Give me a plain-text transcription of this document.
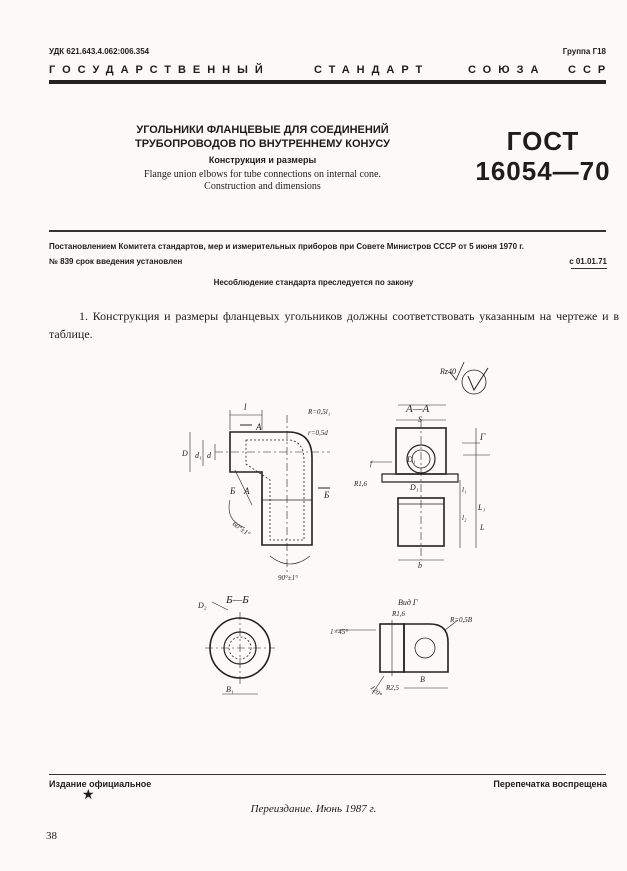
УДК 621.643.4.062:006.354	Группа Г18
ГОСУДАРСТВЕННЫЙ	СТАНДАРТ	СОЮЗА ССР
УГОЛЬНИКИ ФЛАНЦЕВЫЕ ДЛЯ СОЕДИНЕНИЙ
ТРУБОПРОВОДОВ ПО ВНУТРЕННЕМУ КОНУСУ
Конструкция и размеры
Flange union elbows for tube connections on internal cone.
Construction and dimensions
ГОСТ
16054—70
Постановлением Комитета стандартов, мер и измерительных приборов при Совете Министров СССР от 5 июня 1970 г.
№ 839 срок введения установлен	с 01.01.71
Несоблюдение стандарта преследуется по закону
1. Конструкция и размеры фланцевых угольников должны соответствовать указанным на чертеже и в таблице.
Rz40
А—А
Б—Б	Вид Г
А
Б	Б
А
Г
l
D d₁ d
R=0,5l₁
r=0,5d
60°±1°
90°±1°
S
D₁
D₁
R1,6
f
l₁
l₂
L₁
L
b
D₂
B₁
R1,6
R=0,5B
1×45°
120° R2,5
B
Издание официальное	Перепечатка воспрещена
★
Переиздание. Июнь 1987 г.
38
